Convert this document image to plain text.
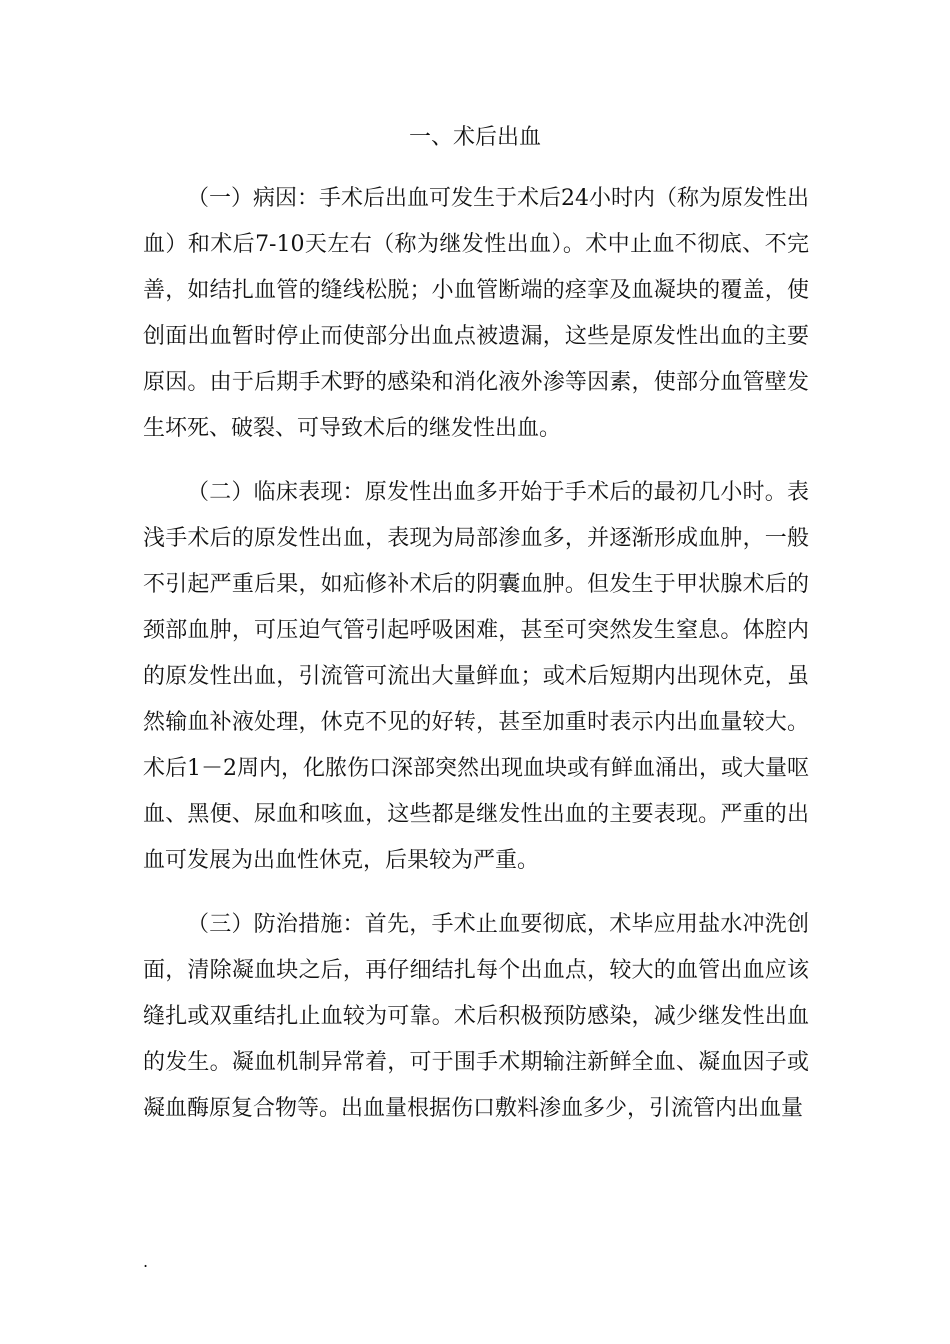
一、术后出血

（一）病因：手术后出血可发生于术后24小时内（称为原发性出血）和术后7-10天左右（称为继发性出血）。术中止血不彻底、不完善，如结扎血管的缝线松脱；小血管断端的痉挛及血凝块的覆盖，使创面出血暂时停止而使部分出血点被遗漏，这些是原发性出血的主要原因。由于后期手术野的感染和消化液外渗等因素，使部分血管壁发生坏死、破裂、可导致术后的继发性出血。

（二）临床表现：原发性出血多开始于手术后的最初几小时。表浅手术后的原发性出血，表现为局部渗血多，并逐渐形成血肿，一般不引起严重后果，如疝修补术后的阴囊血肿。但发生于甲状腺术后的颈部血肿，可压迫气管引起呼吸困难，甚至可突然发生窒息。体腔内的原发性出血，引流管可流出大量鲜血；或术后短期内出现休克，虽然输血补液处理，休克不见的好转，甚至加重时表示内出血量较大。术后1－2周内，化脓伤口深部突然出现血块或有鲜血涌出，或大量呕血、黑便、尿血和咳血，这些都是继发性出血的主要表现。严重的出血可发展为出血性休克，后果较为严重。

（三）防治措施：首先，手术止血要彻底，术毕应用盐水冲洗创面，清除凝血块之后，再仔细结扎每个出血点，较大的血管出血应该缝扎或双重结扎止血较为可靠。术后积极预防感染，减少继发性出血的发生。凝血机制异常着，可于围手术期输注新鲜全血、凝血因子或凝血酶原复合物等。出血量根据伤口敷料渗血多少，引流管内出血量

.
